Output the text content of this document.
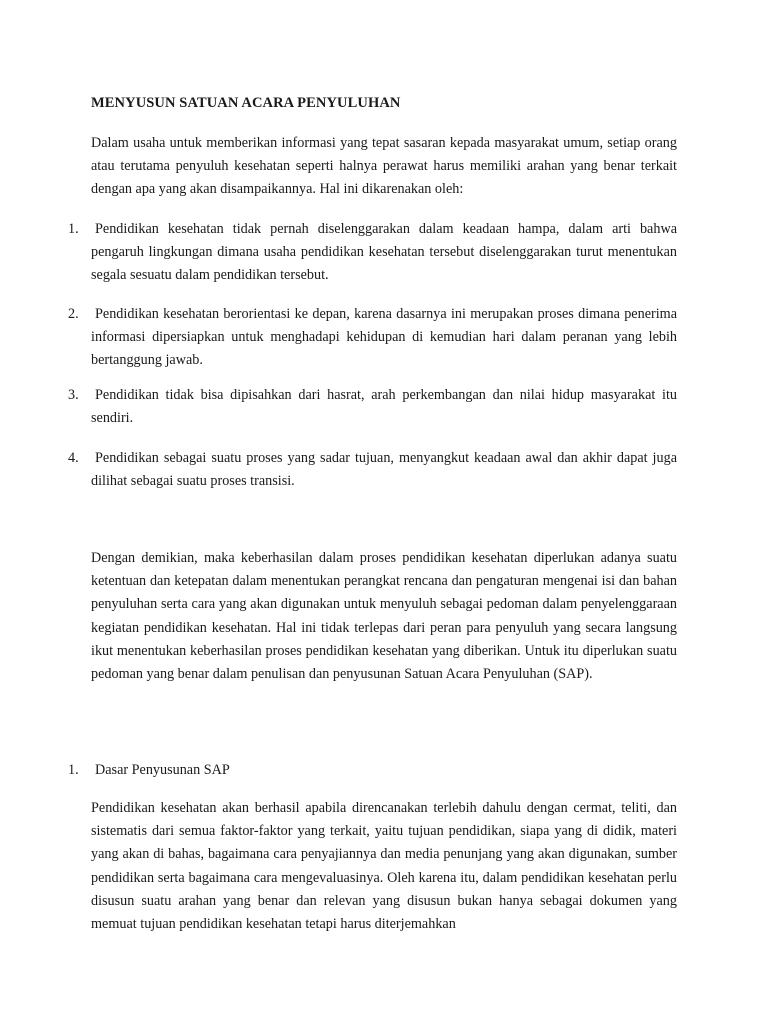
MENYUSUN SATUAN ACARA PENYULUHAN

Dalam usaha untuk memberikan informasi yang tepat sasaran kepada masyarakat umum, setiap orang atau terutama penyuluh kesehatan seperti halnya perawat harus memiliki arahan yang benar terkait dengan apa yang akan disampaikannya. Hal ini dikarenakan oleh:

1. Pendidikan kesehatan tidak pernah diselenggarakan dalam keadaan hampa, dalam arti bahwa pengaruh lingkungan dimana usaha pendidikan kesehatan tersebut diselenggarakan turut menentukan segala sesuatu dalam pendidikan tersebut.
2. Pendidikan kesehatan berorientasi ke depan, karena dasarnya ini merupakan proses dimana penerima informasi dipersiapkan untuk menghadapi kehidupan di kemudian hari dalam peranan yang lebih bertanggung jawab.
3. Pendidikan tidak bisa dipisahkan dari hasrat, arah perkembangan dan nilai hidup masyarakat itu sendiri.
4. Pendidikan sebagai suatu proses yang sadar tujuan, menyangkut keadaan awal dan akhir dapat juga dilihat sebagai suatu proses transisi.

Dengan demikian, maka keberhasilan dalam proses pendidikan kesehatan diperlukan adanya suatu ketentuan dan ketepatan dalam menentukan perangkat rencana dan pengaturan mengenai isi dan bahan penyuluhan serta cara yang akan digunakan untuk menyuluh sebagai pedoman dalam penyelenggaraan kegiatan pendidikan kesehatan. Hal ini tidak terlepas dari peran para penyuluh yang secara langsung ikut menentukan keberhasilan proses pendidikan kesehatan yang diberikan. Untuk itu diperlukan suatu pedoman yang benar dalam penulisan dan penyusunan Satuan Acara Penyuluhan (SAP).

1. Dasar Penyusunan SAP

Pendidikan kesehatan akan berhasil apabila direncanakan terlebih dahulu dengan cermat, teliti, dan sistematis dari semua faktor-faktor yang terkait, yaitu tujuan pendidikan, siapa yang di didik, materi yang akan di bahas, bagaimana cara penyajiannya dan media penunjang yang akan digunakan, sumber pendidikan serta bagaimana cara mengevaluasinya. Oleh karena itu, dalam pendidikan kesehatan perlu disusun suatu arahan yang benar dan relevan yang disusun bukan hanya sebagai dokumen yang memuat tujuan pendidikan kesehatan tetapi harus diterjemahkan
